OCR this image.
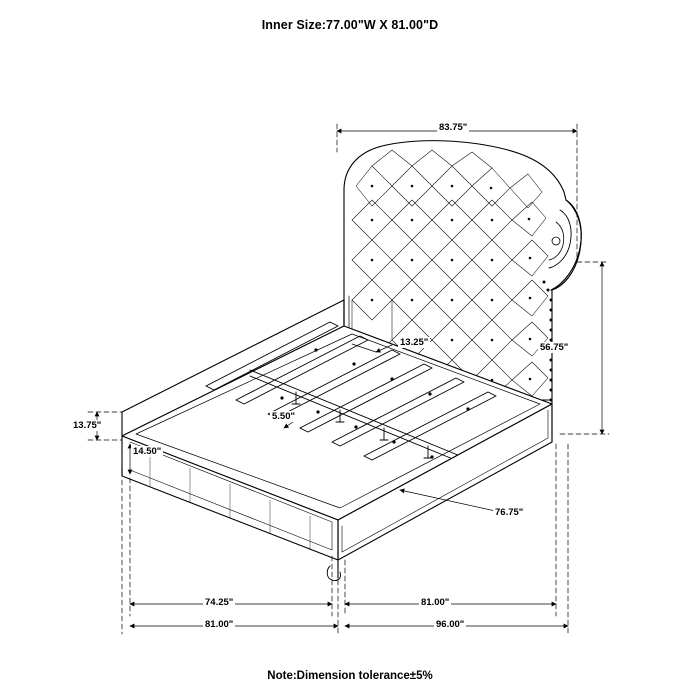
Inner Size:77.00"W X 81.00"D
83.75"
56.75"
13.25"
5.50"
13.75"
14.50"
76.75"
74.25"	81.00"
81.00"	96.00"
Note:Dimension tolerance±5%
